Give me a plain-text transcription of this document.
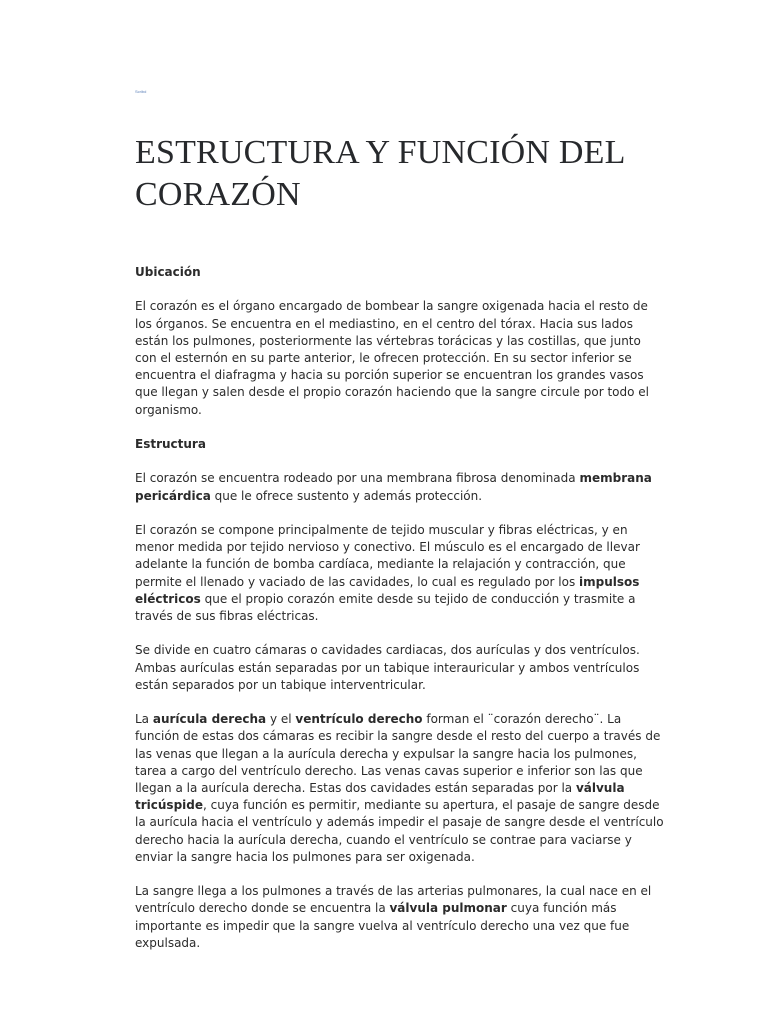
Scribd
ESTRUCTURA Y FUNCIÓN DEL CORAZÓN
Ubicación

El corazón es el órgano encargado de bombear la sangre oxigenada hacia el resto de los órganos. Se encuentra en el mediastino, en el centro del tórax. Hacia sus lados están los pulmones, posteriormente las vértebras torácicas y las costillas, que junto con el esternón en su parte anterior, le ofrecen protección. En su sector inferior se encuentra el diafragma y hacia su porción superior se encuentran los grandes vasos que llegan y salen desde el propio corazón haciendo que la sangre circule por todo el organismo.

Estructura

El corazón se encuentra rodeado por una membrana fibrosa denominada membrana pericárdica que le ofrece sustento y además protección.

El corazón se compone principalmente de tejido muscular y fibras eléctricas, y en menor medida por tejido nervioso y conectivo. El músculo es el encargado de llevar adelante la función de bomba cardíaca, mediante la relajación y contracción, que permite el llenado y vaciado de las cavidades, lo cual es regulado por los impulsos eléctricos que el propio corazón emite desde su tejido de conducción y trasmite a través de sus fibras eléctricas.

Se divide en cuatro cámaras o cavidades cardiacas, dos aurículas y dos ventrículos. Ambas aurículas están separadas por un tabique interauricular y ambos ventrículos están separados por un tabique interventricular.

La aurícula derecha y el ventrículo derecho forman el ¨corazón derecho¨. La función de estas dos cámaras es recibir la sangre desde el resto del cuerpo a través de las venas que llegan a la aurícula derecha y expulsar la sangre hacia los pulmones, tarea a cargo del ventrículo derecho. Las venas cavas superior e inferior son las que llegan a la aurícula derecha. Estas dos cavidades están separadas por la válvula tricúspide, cuya función es permitir, mediante su apertura, el pasaje de sangre desde la aurícula hacia el ventrículo y además impedir el pasaje de sangre desde el ventrículo derecho hacia la aurícula derecha, cuando el ventrículo se contrae para vaciarse y enviar la sangre hacia los pulmones para ser oxigenada.

La sangre llega a los pulmones a través de las arterias pulmonares, la cual nace en el ventrículo derecho donde se encuentra la válvula pulmonar cuya función más importante es impedir que la sangre vuelva al ventrículo derecho una vez que fue expulsada.
